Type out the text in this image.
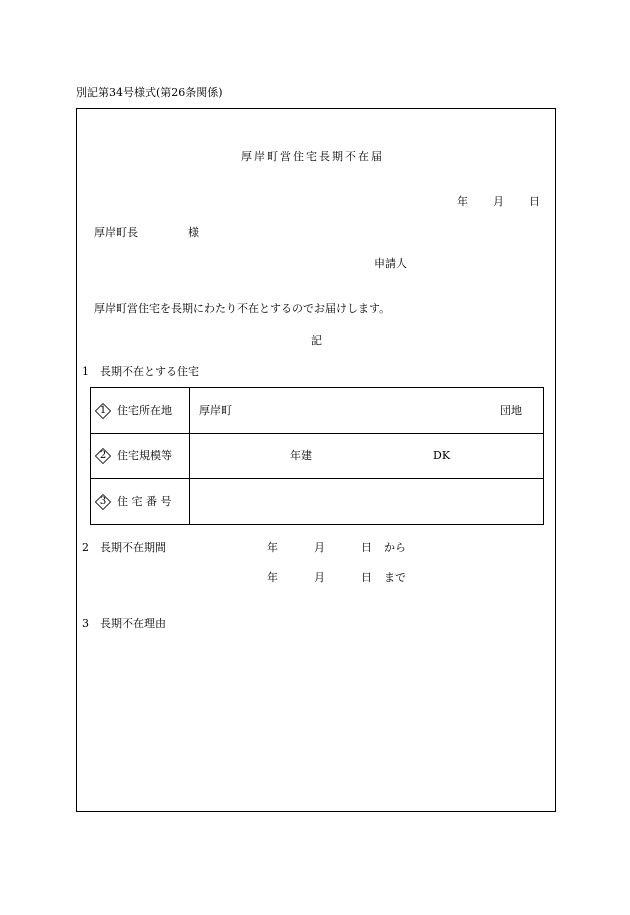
別記第34号様式(第26条関係)
厚岸町営住宅長期不在届
年 月 日
厚岸町長	様
申請人
厚岸町営住宅を長期にわたり不在とするのでお届けします。
記
1 長期不在とする住宅
1 住宅所在地	厚岸町 団地

2 住宅規模等	年建 DK

3 住 宅 番 号	

2 長期不在期間	年	月	日 から
年	月	日 まで
3 長期不在理由
